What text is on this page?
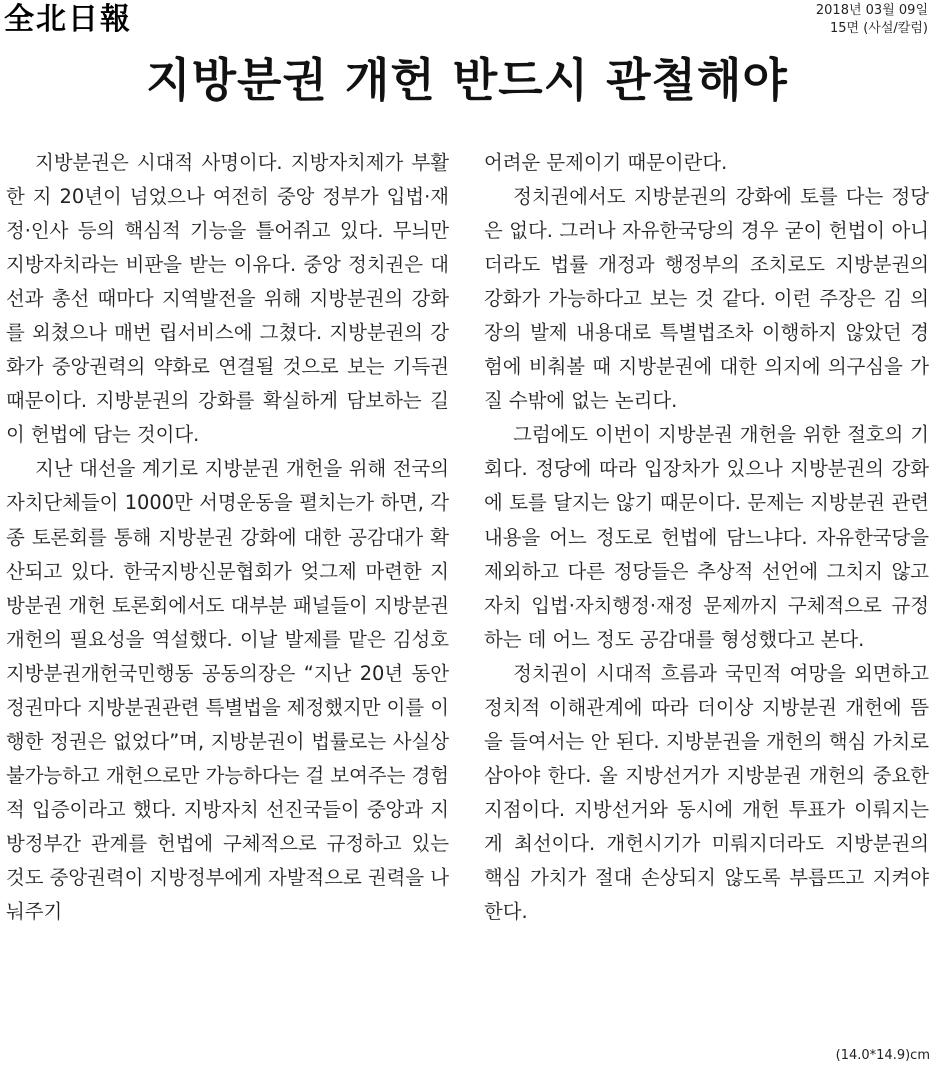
全北日報	2018년 03월 09일
15면 (사설/칼럼)
지방분권 개헌 반드시 관철해야

지방분권은 시대적 사명이다. 지방자치제가 부활한 지 20년이 넘었으나 여전히 중앙 정부가 입법·재정·인사 등의 핵심적 기능을 틀어쥐고 있다. 무늬만 지방자치라는 비판을 받는 이유다. 중앙 정치권은 대선과 총선 때마다 지역발전을 위해 지방분권의 강화를 외쳤으나 매번 립서비스에 그쳤다. 지방분권의 강화가 중앙권력의 약화로 연결될 것으로 보는 기득권 때문이다. 지방분권의 강화를 확실하게 담보하는 길이 헌법에 담는 것이다.

지난 대선을 계기로 지방분권 개헌을 위해 전국의 자치단체들이 1000만 서명운동을 펼치는가 하면, 각종 토론회를 통해 지방분권 강화에 대한 공감대가 확산되고 있다. 한국지방신문협회가 엊그제 마련한 지방분권 개헌 토론회에서도 대부분 패널들이 지방분권 개헌의 필요성을 역설했다. 이날 발제를 맡은 김성호 지방분권개헌국민행동 공동의장은 “지난 20년 동안 정권마다 지방분권관련 특별법을 제정했지만 이를 이행한 정권은 없었다”며, 지방분권이 법률로는 사실상 불가능하고 개헌으로만 가능하다는 걸 보여주는 경험적 입증이라고 했다. 지방자치 선진국들이 중앙과 지방정부간 관계를 헌법에 구체적으로 규정하고 있는 것도 중앙권력이 지방정부에게 자발적으로 권력을 나눠주기

어려운 문제이기 때문이란다.

정치권에서도 지방분권의 강화에 토를 다는 정당은 없다. 그러나 자유한국당의 경우 굳이 헌법이 아니더라도 법률 개정과 행정부의 조치로도 지방분권의 강화가 가능하다고 보는 것 같다. 이런 주장은 김 의장의 발제 내용대로 특별법조차 이행하지 않았던 경험에 비춰볼 때 지방분권에 대한 의지에 의구심을 가질 수밖에 없는 논리다.

그럼에도 이번이 지방분권 개헌을 위한 절호의 기회다. 정당에 따라 입장차가 있으나 지방분권의 강화에 토를 달지는 않기 때문이다. 문제는 지방분권 관련 내용을 어느 정도로 헌법에 담느냐다. 자유한국당을 제외하고 다른 정당들은 추상적 선언에 그치지 않고 자치 입법·자치행정·재정 문제까지 구체적으로 규정하는 데 어느 정도 공감대를 형성했다고 본다.

정치권이 시대적 흐름과 국민적 여망을 외면하고 정치적 이해관계에 따라 더이상 지방분권 개헌에 뜸을 들여서는 안 된다. 지방분권을 개헌의 핵심 가치로 삼아야 한다. 올 지방선거가 지방분권 개헌의 중요한 지점이다. 지방선거와 동시에 개헌 투표가 이뤄지는 게 최선이다. 개헌시기가 미뤄지더라도 지방분권의 핵심 가치가 절대 손상되지 않도록 부릅뜨고 지켜야 한다.

(14.0*14.9)cm
